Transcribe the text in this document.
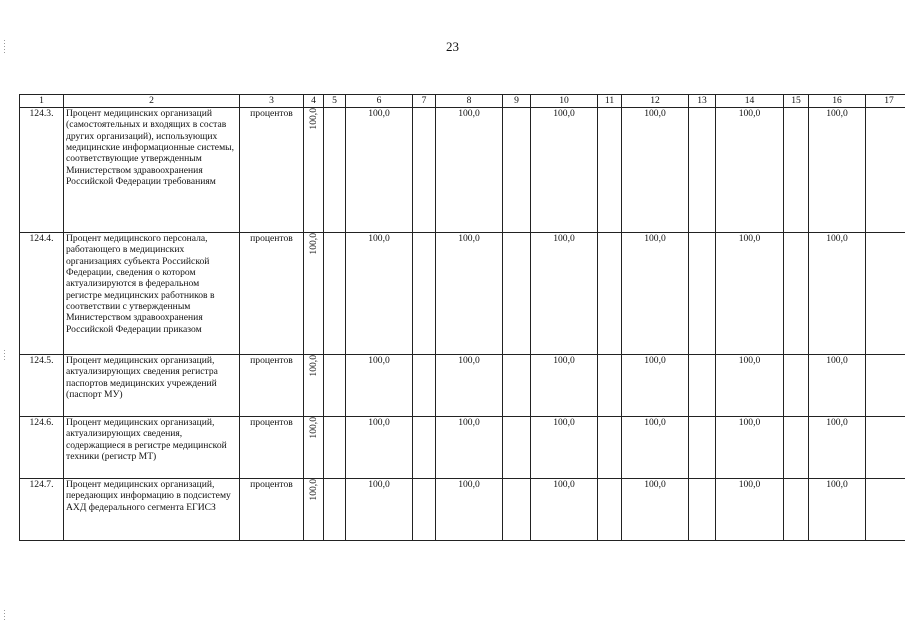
23
1	2	3	4	5	6	7	8	9	10	11	12	13	14	15	16	17
124.3.	Процент медицинских организаций (самостоятельных и входящих в состав других организаций), использующих медицинские информационные системы, соответствующие утвержденным Министерством здравоохранения Российской Федерации требованиям	процентов	100,0		100,0		100,0		100,0		100,0		100,0		100,0	
124.4.	Процент медицинского персонала, работающего в медицинских организациях субъекта Российской Федерации, сведения о котором актуализируются в федеральном регистре медицинских работников в соответствии с утвержденным Министерством здравоохранения Российской Федерации приказом	процентов	100,0		100,0		100,0		100,0		100,0		100,0		100,0	
124.5.	Процент медицинских организаций, актуализирующих сведения регистра паспортов медицинских учреждений (паспорт МУ)	процентов	100,0		100,0		100,0		100,0		100,0		100,0		100,0	
124.6.	Процент медицинских организаций, актуализирующих сведения, содержащиеся в регистре медицинской техники (регистр МТ)	процентов	100,0		100,0		100,0		100,0		100,0		100,0		100,0	
124.7.	Процент медицинских организаций, передающих информацию в подсистему АХД федерального сегмента ЕГИСЗ	процентов	100,0		100,0		100,0		100,0		100,0		100,0		100,0	
